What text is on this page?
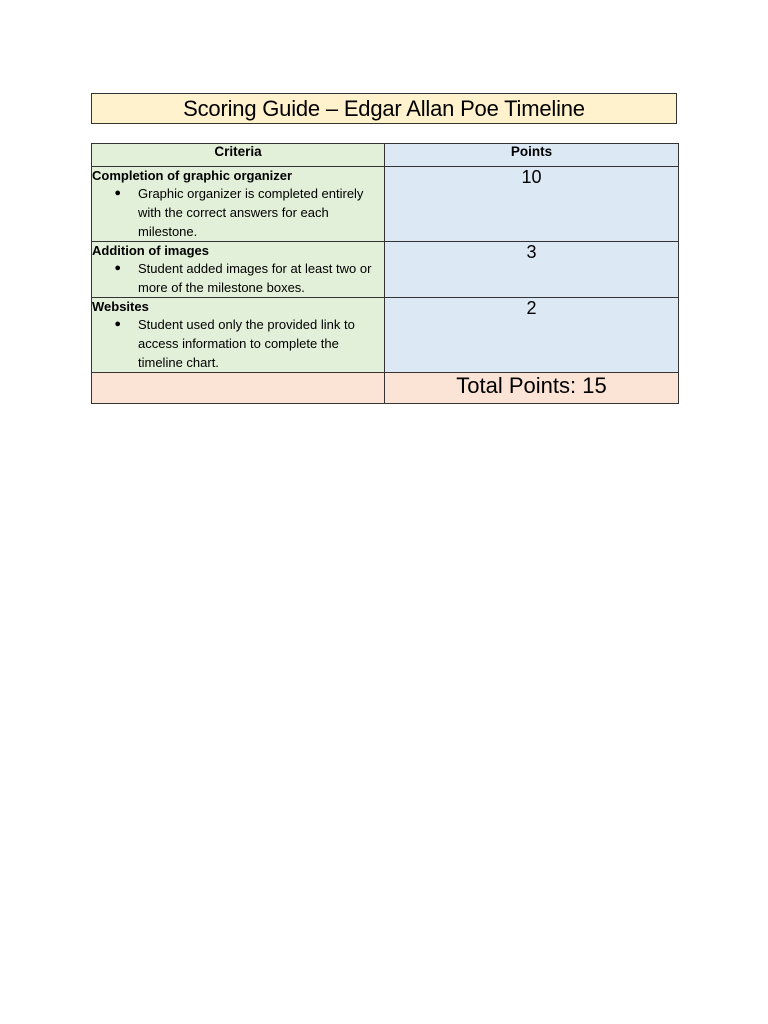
Scoring Guide – Edgar Allan Poe Timeline
Criteria	Points

Completion of graphic organizer
● Graphic organizer is completed entirely with the correct answers for each milestone.	10

Addition of images
● Student added images for at least two or more of the milestone boxes.	3

Websites
● Student used only the provided link to access information to complete the timeline chart.	2
	Total Points: 15
